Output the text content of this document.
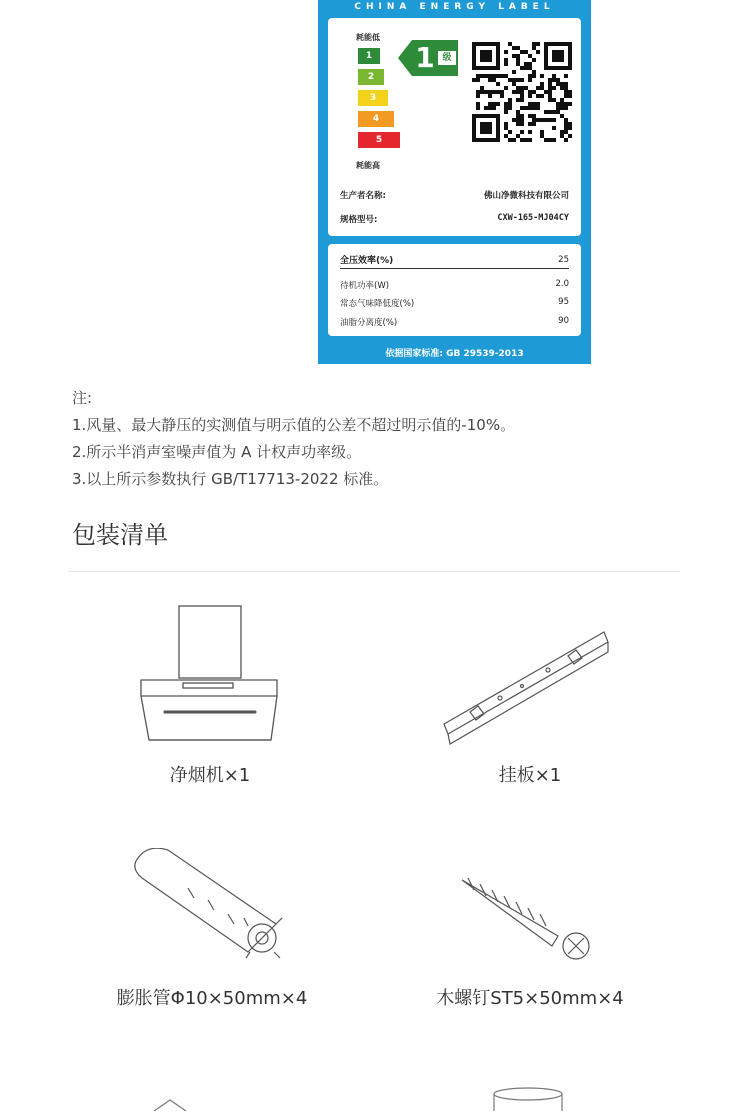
CHINA ENERGY LABEL
耗能低
1
2
3
4
5
耗能高
1 级
生产者名称:	佛山净微科技有限公司
规格型号:	CXW-165-MJ04CY
全压效率(%)	25
待机功率(W)	2.0
常态气味降低度(%)	95
油脂分离度(%)	90
依据国家标准: GB 29539-2013
注:
1.风量、最大静压的实测值与明示值的公差不超过明示值的-10%。
2.所示半消声室噪声值为 A 计权声功率级。
3.以上所示参数执行 GB/T17713-2022 标准。
包装清单
净烟机×1	挂板×1
膨胀管Φ10×50mm×4	木螺钉ST5×50mm×4
